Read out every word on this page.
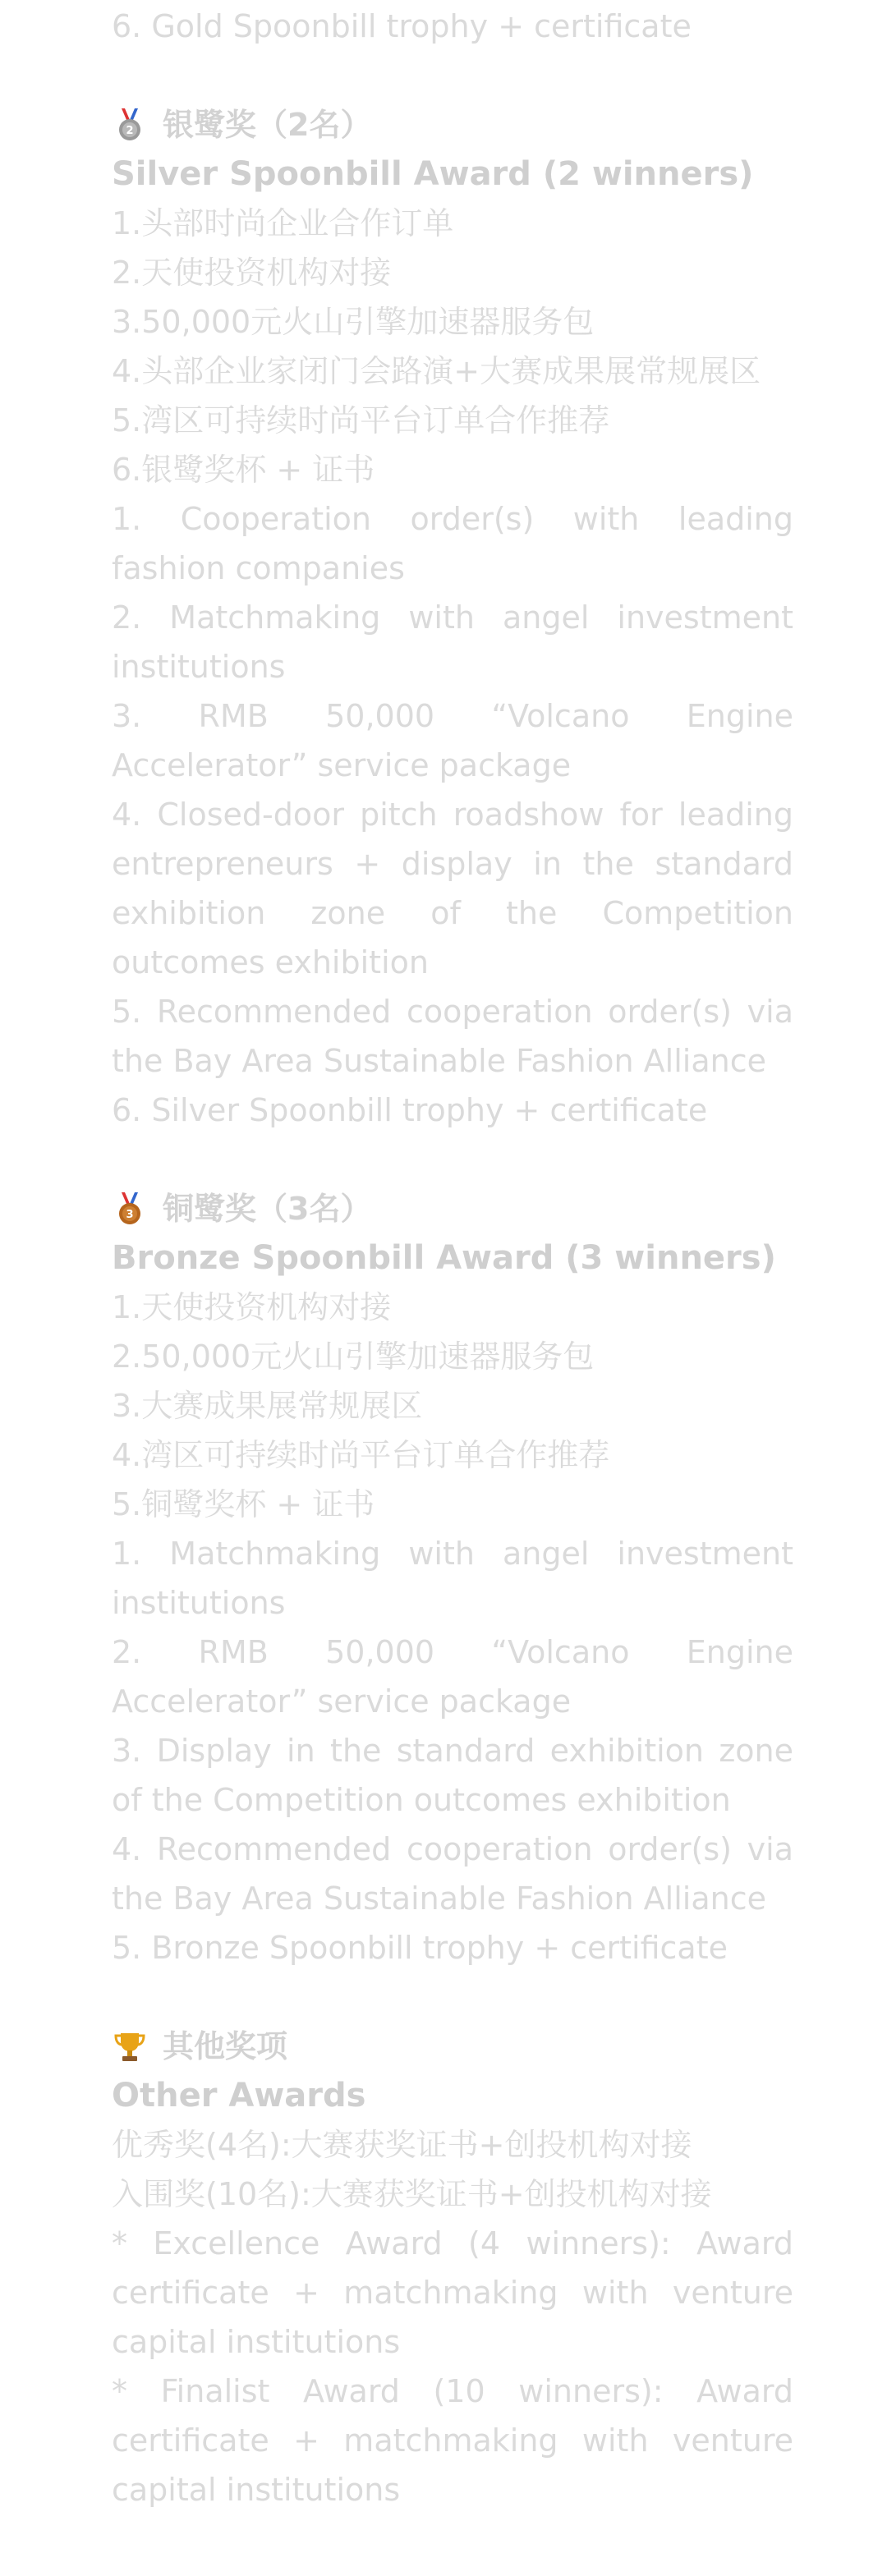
6. Gold Spoonbill trophy + certificate
2 银鹭奖（2名）
Silver Spoonbill Award (2 winners)
1.头部时尚企业合作订单
2.天使投资机构对接
3.50,000元火山引擎加速器服务包
4.头部企业家闭门会路演+大赛成果展常规展区
5.湾区可持续时尚平台订单合作推荐
6.银鹭奖杯 + 证书
1. Cooperation order(s) with leading fashion companies
2. Matchmaking with angel investment institutions
3. RMB 50,000 “Volcano Engine Accelerator” service package
4. Closed-door pitch roadshow for leading entrepreneurs + display in the standard exhibition zone of the Competition outcomes exhibition
5. Recommended cooperation order(s) via the Bay Area Sustainable Fashion Alliance
6. Silver Spoonbill trophy + certificate
3 铜鹭奖（3名）
Bronze Spoonbill Award (3 winners)
1.天使投资机构对接
2.50,000元火山引擎加速器服务包
3.大赛成果展常规展区
4.湾区可持续时尚平台订单合作推荐
5.铜鹭奖杯 + 证书
1. Matchmaking with angel investment institutions
2. RMB 50,000 “Volcano Engine Accelerator” service package
3. Display in the standard exhibition zone of the Competition outcomes exhibition
4. Recommended cooperation order(s) via the Bay Area Sustainable Fashion Alliance
5. Bronze Spoonbill trophy + certificate
其他奖项
Other Awards
优秀奖(4名):大赛获奖证书+创投机构对接
入围奖(10名):大赛获奖证书+创投机构对接
* Excellence Award (4 winners): Award certificate + matchmaking with venture capital institutions
* Finalist Award (10 winners): Award certificate + matchmaking with venture capital institutions
